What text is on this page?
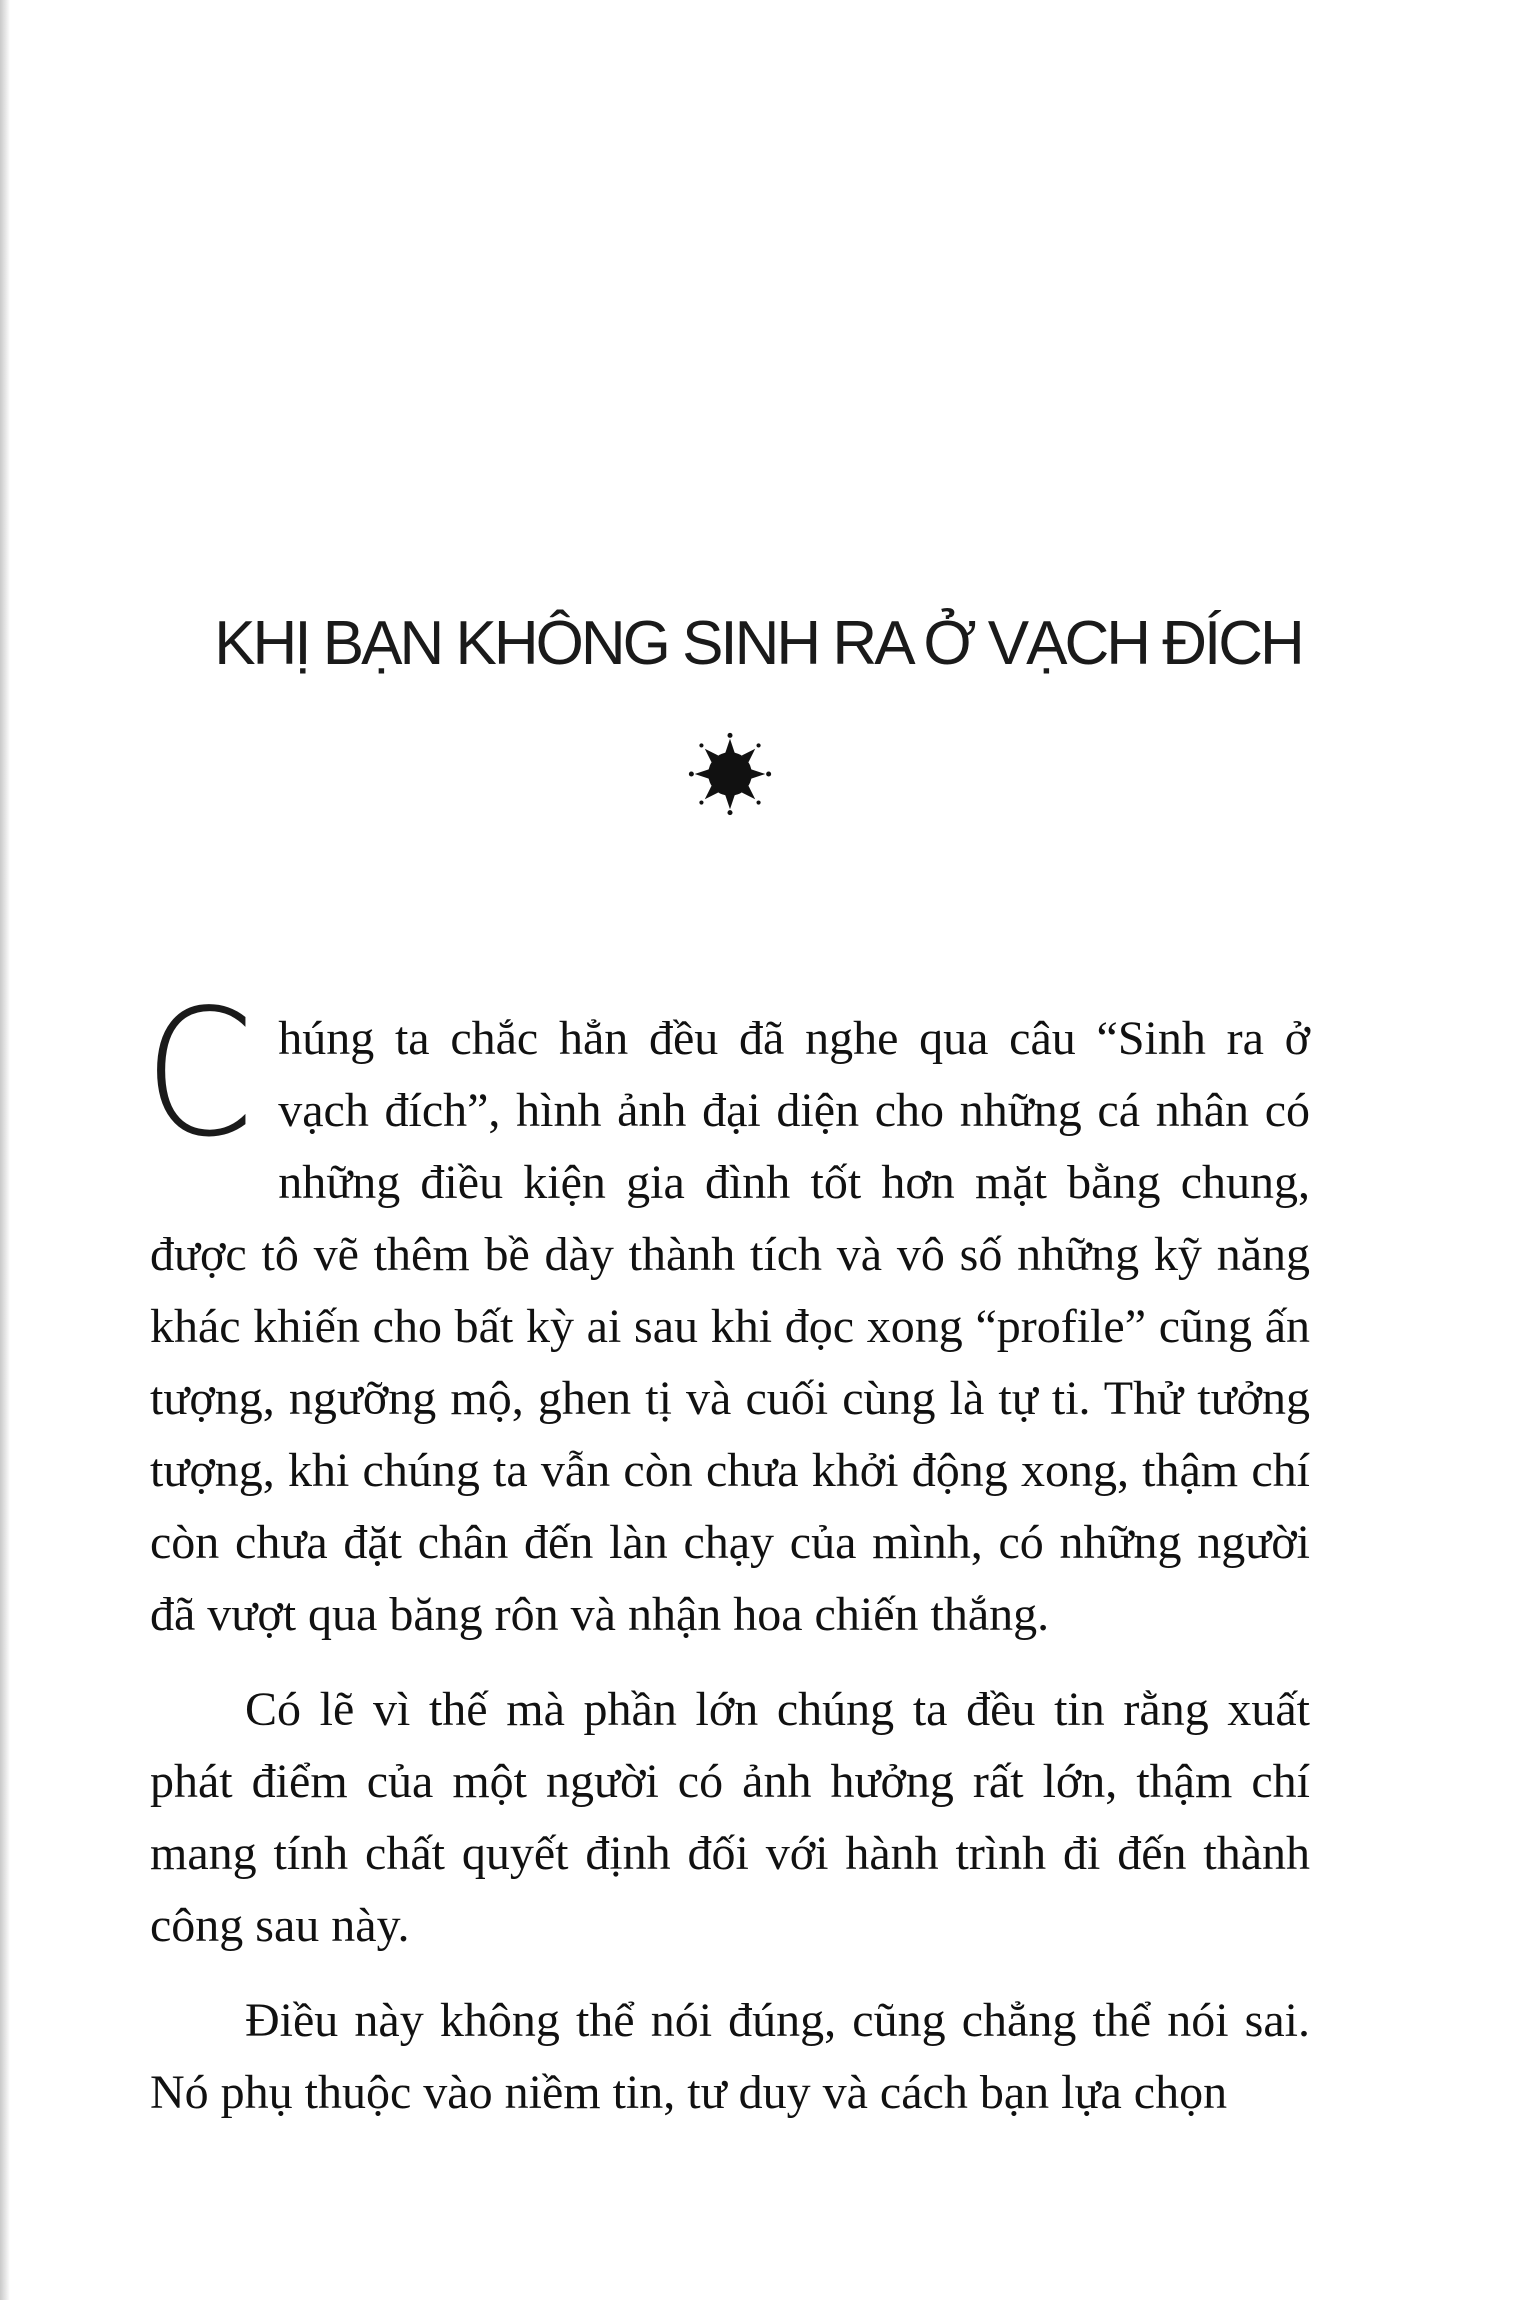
KHỊ BẠN KHÔNG SINH RA Ở VẠCH ĐÍCH

Chúng ta chắc hẳn đều đã nghe qua câu “Sinh ra ở vạch đích”, hình ảnh đại diện cho những cá nhân có những điều kiện gia đình tốt hơn mặt bằng chung, được tô vẽ thêm bề dày thành tích và vô số những kỹ năng khác khiến cho bất kỳ ai sau khi đọc xong “profile” cũng ấn tượng, ngưỡng mộ, ghen tị và cuối cùng là tự ti. Thử tưởng tượng, khi chúng ta vẫn còn chưa khởi động xong, thậm chí còn chưa đặt chân đến làn chạy của mình, có những người đã vượt qua băng rôn và nhận hoa chiến thắng.

Có lẽ vì thế mà phần lớn chúng ta đều tin rằng xuất phát điểm của một người có ảnh hưởng rất lớn, thậm chí mang tính chất quyết định đối với hành trình đi đến thành công sau này.

Điều này không thể nói đúng, cũng chẳng thể nói sai. Nó phụ thuộc vào niềm tin, tư duy và cách bạn lựa chọn
